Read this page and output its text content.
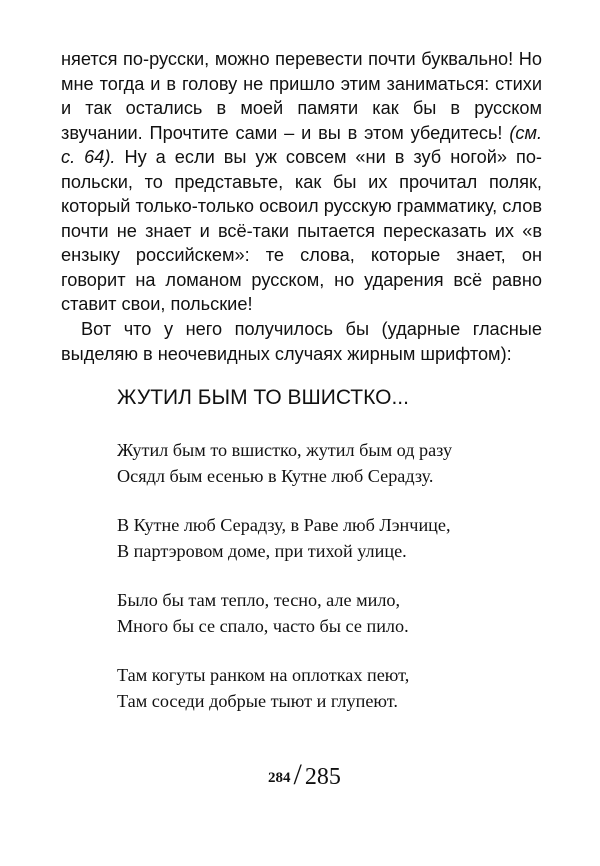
няется по-русски, можно перевести почти буквально! Но мне тогда и в голову не пришло этим заниматься: стихи и так остались в моей памяти как бы в русском звучании. Прочтите сами – и вы в этом убедитесь! (см. с. 64). Ну а если вы уж совсем «ни в зуб ногой» по-польски, то представьте, как бы их прочитал поляк, который только-только освоил русскую грамматику, слов почти не знает и всё-таки пытается пересказать их «в ензыку российскем»: те слова, которые знает, он говорит на ломаном русском, но ударения всё равно ставит свои, польские!

Вот что у него получилось бы (ударные гласные выделяю в неочевидных случаях жирным шрифтом):

ЖУТИЛ БЫМ ТО ВШИСТКО...
Жутил бым то вшистко, жутил бым од разу
Осядл бым есенью в Кутне люб Серадзу.
В Кутне люб Серадзу, в Раве люб Лэнчице,
В партэровом доме, при тихой улице.
Было бы там тепло, тесно, але мило,
Много бы се спало, часто бы се пило.
Там когуты ранком на оплотках пеют,
Там соседи добрые тыют и глупеют.
284 / 285
